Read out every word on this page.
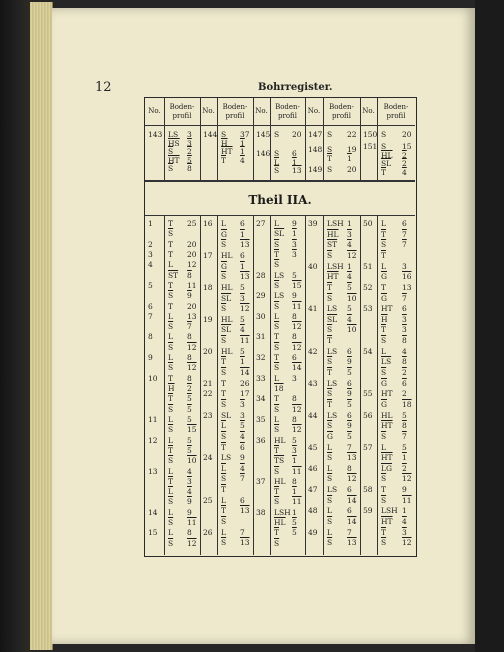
12	Bohrregister.
Theil IIA.
No.
Boden-
profil
No.
Boden-
profil
No.
Boden-
profil
No.
Boden-
profil
No.
Boden-
profil
143 LS 3
$\overline{HS}$ 3
$\overline{S}$ 2
$\overline{HT}$ 5
$\overline{S}$ 8
144 S 37
$\overline{H}$ 1
$\overline{HT}$ 1
$\overline{T}$ 4
145 S 20
146 S 6
$\overline{L}$ 1
$\overline{S}$ 13
147 S 22
148 S 19
$\overline{T}$ 1
149 S 20
150 S 20
151 S 15
$\overline{HL}$ 2
$\overline{SL}$ 2
$\overline{T}$ 4
1 T 25
$\overline{S}$
2 T 20
3 T 20
4 L 12
$\overline{ST}$ 8
5 T 11
$\overline{S}$ 9
6 T 20
7 L 13
$\overline{S}$ 7
8 L 8
$\overline{S}$ 12
9 L 8
$\overline{S}$ 12
10 T 8
$\overline{H}$ 2
$\overline{T}$ 5
$\overline{S}$ 5
11 L 5
$\overline{S}$ 15
12 L 5
$\overline{T}$ 5
$\overline{S}$ 10
13 L 4
$\overline{T}$ 3
$\overline{L}$ 4
$\overline{S}$ 9
14 L 9
$\overline{S}$ 11
15 L 8
$\overline{S}$ 12
16 L 6
$\overline{G}$ 1
$\overline{S}$ 13
17 HL 6
$\overline{G}$ 1
$\overline{S}$ 13
18 HL 5
$\overline{SL}$ 3
$\overline{S}$ 12
19 HL 5
$\overline{SL}$ 4
$\overline{S}$ 11
20 HL 5
$\overline{T}$ 1
$\overline{S}$ 14
21 T 26
22 T 17
$\overline{S}$ 3
23 SL 3
$\overline{L}$ 5
$\overline{S}$ 4
$\overline{T}$ 6
24 LS 9
$\overline{L}$ 4
$\overline{S}$ 7
$\overline{T}$
25 L 6
$\overline{T}$ 13
$\overline{S}$
26 L 7
$\overline{S}$ 13
27 L 9
$\overline{SL}$ 1
$\overline{S}$ 3
$\overline{T}$ 3
$\overline{S}$
28 LS 5
$\overline{S}$ 15
29 LS 9
$\overline{S}$ 11
30 L 8
$\overline{S}$ 12
31 T 8
$\overline{S}$ 12
32 T 6
$\overline{S}$ 14
33 L 3
18
34 T 8
$\overline{S}$ 12
35 L 8
$\overline{S}$ 12
36 HL 5
$\overline{T}$ 3
$\overline{TS}$ 1
$\overline{S}$ 11
37 HL 8
$\overline{T}$ 1
$\overline{S}$ 11
38 LSH 1
$\overline{HL}$ 5
$\overline{T}$ 5
$\overline{S}$
39 LSH 1
$\overline{HL}$ 3
$\overline{ST}$ 4
$\overline{S}$ 12
40 LSH 1
$\overline{HT}$ 4
$\overline{T}$ 5
$\overline{S}$ 10
41 LS 5
$\overline{SL}$ 4
$\overline{S}$ 10
$\overline{T}$
42 LS 6
$\overline{S}$ 9
$\overline{T}$ 5
43 LS 6
$\overline{S}$ 9
$\overline{T}$ 5
44 LS 6
$\overline{S}$ 9
$\overline{G}$ 5
45 L 7
$\overline{S}$ 13
46 L 8
$\overline{S}$ 12
47 LS 6
$\overline{S}$ 14
48 L 6
$\overline{S}$ 14
49 L 7
$\overline{S}$ 13
50 L 6
$\overline{T}$ 7
$\overline{S}$ 7
$\overline{T}$
51 L 3
$\overline{G}$ 16
52 T 13
$\overline{G}$ 7
53 HT 6
$\overline{H}$ 3
$\overline{T}$ 3
$\overline{S}$ 8
54 L 4
$\overline{LS}$ 8
$\overline{S}$ 2
$\overline{G}$ 6
55 HT 2
$\overline{G}$ 18
56 HL 5
$\overline{HT}$ 8
$\overline{S}$ 7
57 L 5
$\overline{HT}$ 1
$\overline{LG}$ 2
$\overline{S}$ 12
58 T 9
$\overline{S}$ 11
59 LSH 1
$\overline{HT}$ 4
$\overline{T}$ 3
$\overline{S}$ 12
